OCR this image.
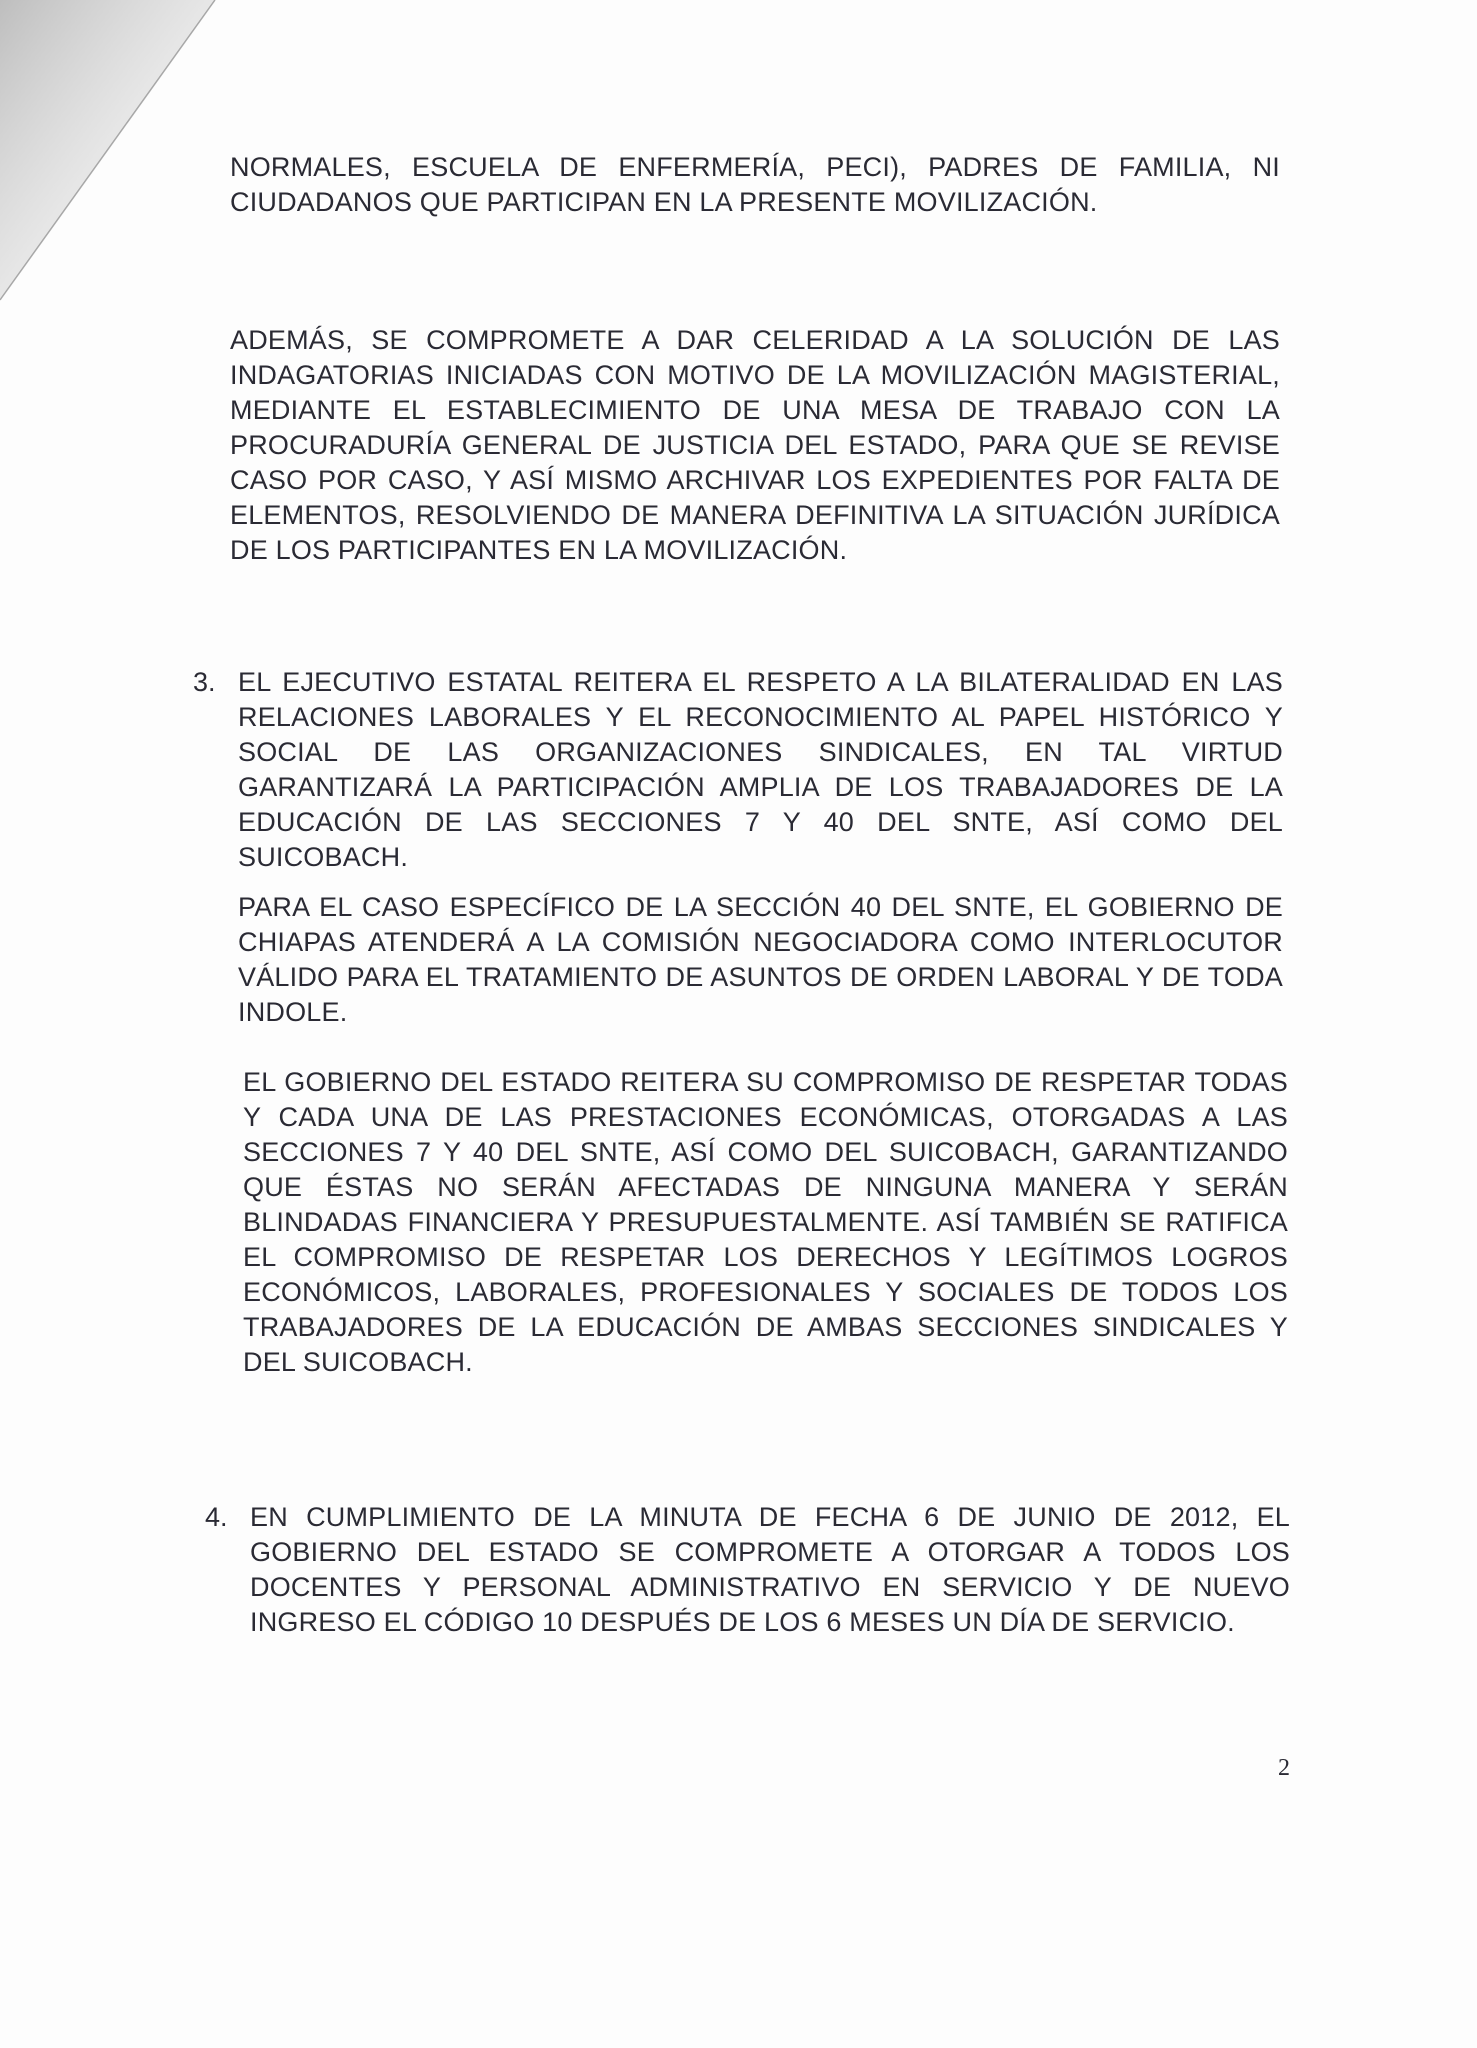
NORMALES, ESCUELA DE ENFERMERÍA, PECI), PADRES DE FAMILIA, NI CIUDADANOS QUE PARTICIPAN EN LA PRESENTE MOVILIZACIÓN.

ADEMÁS, SE COMPROMETE A DAR CELERIDAD A LA SOLUCIÓN DE LAS INDAGATORIAS INICIADAS CON MOTIVO DE LA MOVILIZACIÓN MAGISTERIAL, MEDIANTE EL ESTABLECIMIENTO DE UNA MESA DE TRABAJO CON LA PROCURADURÍA GENERAL DE JUSTICIA DEL ESTADO, PARA QUE SE REVISE CASO POR CASO, Y ASÍ MISMO ARCHIVAR LOS EXPEDIENTES POR FALTA DE ELEMENTOS, RESOLVIENDO DE MANERA DEFINITIVA LA SITUACIÓN JURÍDICA DE LOS PARTICIPANTES EN LA MOVILIZACIÓN.

3. EL EJECUTIVO ESTATAL REITERA EL RESPETO A LA BILATERALIDAD EN LAS RELACIONES LABORALES Y EL RECONOCIMIENTO AL PAPEL HISTÓRICO Y SOCIAL DE LAS ORGANIZACIONES SINDICALES, EN TAL VIRTUD GARANTIZARÁ LA PARTICIPACIÓN AMPLIA DE LOS TRABAJADORES DE LA EDUCACIÓN DE LAS SECCIONES 7 Y 40 DEL SNTE, ASÍ COMO DEL SUICOBACH.

PARA EL CASO ESPECÍFICO DE LA SECCIÓN 40 DEL SNTE, EL GOBIERNO DE CHIAPAS ATENDERÁ A LA COMISIÓN NEGOCIADORA COMO INTERLOCUTOR VÁLIDO PARA EL TRATAMIENTO DE ASUNTOS DE ORDEN LABORAL Y DE TODA INDOLE.

EL GOBIERNO DEL ESTADO REITERA SU COMPROMISO DE RESPETAR TODAS Y CADA UNA DE LAS PRESTACIONES ECONÓMICAS, OTORGADAS A LAS SECCIONES 7 Y 40 DEL SNTE, ASÍ COMO DEL SUICOBACH, GARANTIZANDO QUE ÉSTAS NO SERÁN AFECTADAS DE NINGUNA MANERA Y SERÁN BLINDADAS FINANCIERA Y PRESUPUESTALMENTE. ASÍ TAMBIÉN SE RATIFICA EL COMPROMISO DE RESPETAR LOS DERECHOS Y LEGÍTIMOS LOGROS ECONÓMICOS, LABORALES, PROFESIONALES Y SOCIALES DE TODOS LOS TRABAJADORES DE LA EDUCACIÓN DE AMBAS SECCIONES SINDICALES Y DEL SUICOBACH.

4. EN CUMPLIMIENTO DE LA MINUTA DE FECHA 6 DE JUNIO DE 2012, EL GOBIERNO DEL ESTADO SE COMPROMETE A OTORGAR A TODOS LOS DOCENTES Y PERSONAL ADMINISTRATIVO EN SERVICIO Y DE NUEVO INGRESO EL CÓDIGO 10 DESPUÉS DE LOS 6 MESES UN DÍA DE SERVICIO.

2
